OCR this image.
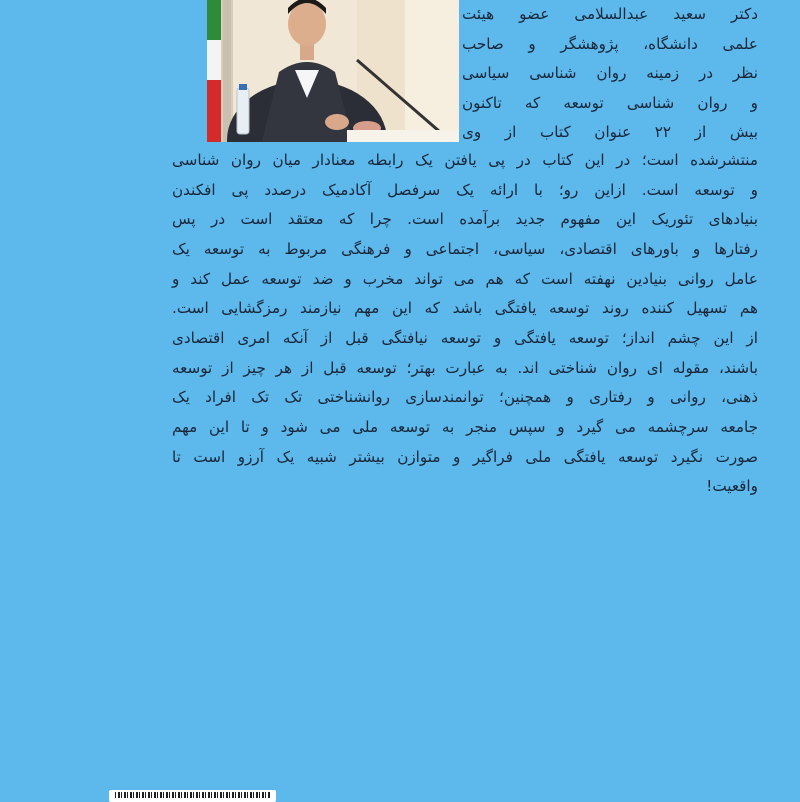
دکتر سعید عبدالسلامی عضو هیئت
علمی دانشگاه، پژوهشگر و صاحب
نظر در زمینه روان شناسی سیاسی
و روان شناسی توسعه که تاکنون
بیش از ۲۲ عنوان کتاب از وی
منتشرشده است؛ در این کتاب در پی یافتن یک رابطه معنادار میان روان شناسی
و توسعه است. ازاین رو؛ با ارائه یک سرفصل آکادمیک درصدد پی افکندن
بنیادهای تئوریک این مفهوم جدید برآمده است. چرا که معتقد است در پس
رفتارها و باورهای اقتصادی، سیاسی، اجتماعی و فرهنگی مربوط به توسعه یک
عامل روانی بنیادین نهفته است که هم می تواند مخرب و ضد توسعه عمل کند و
هم تسهیل کننده روند توسعه یافتگی باشد که این مهم نیازمند رمزگشایی است.
از این چشم انداز؛ توسعه یافتگی و توسعه نیافتگی قبل از آنکه امری اقتصادی
باشند، مقوله ای روان شناختی اند. به عبارت بهتر؛ توسعه قبل از هر چیز از توسعه
ذهنی، روانی و رفتاری و همچنین؛ توانمندسازی روانشناختی تک تک افراد یک
جامعه سرچشمه می گیرد و سپس منجر به توسعه ملی می شود و تا این مهم
صورت نگیرد توسعه یافتگی ملی فراگیر و متوازن بیشتر شبیه یک آرزو است تا
واقعیت!
